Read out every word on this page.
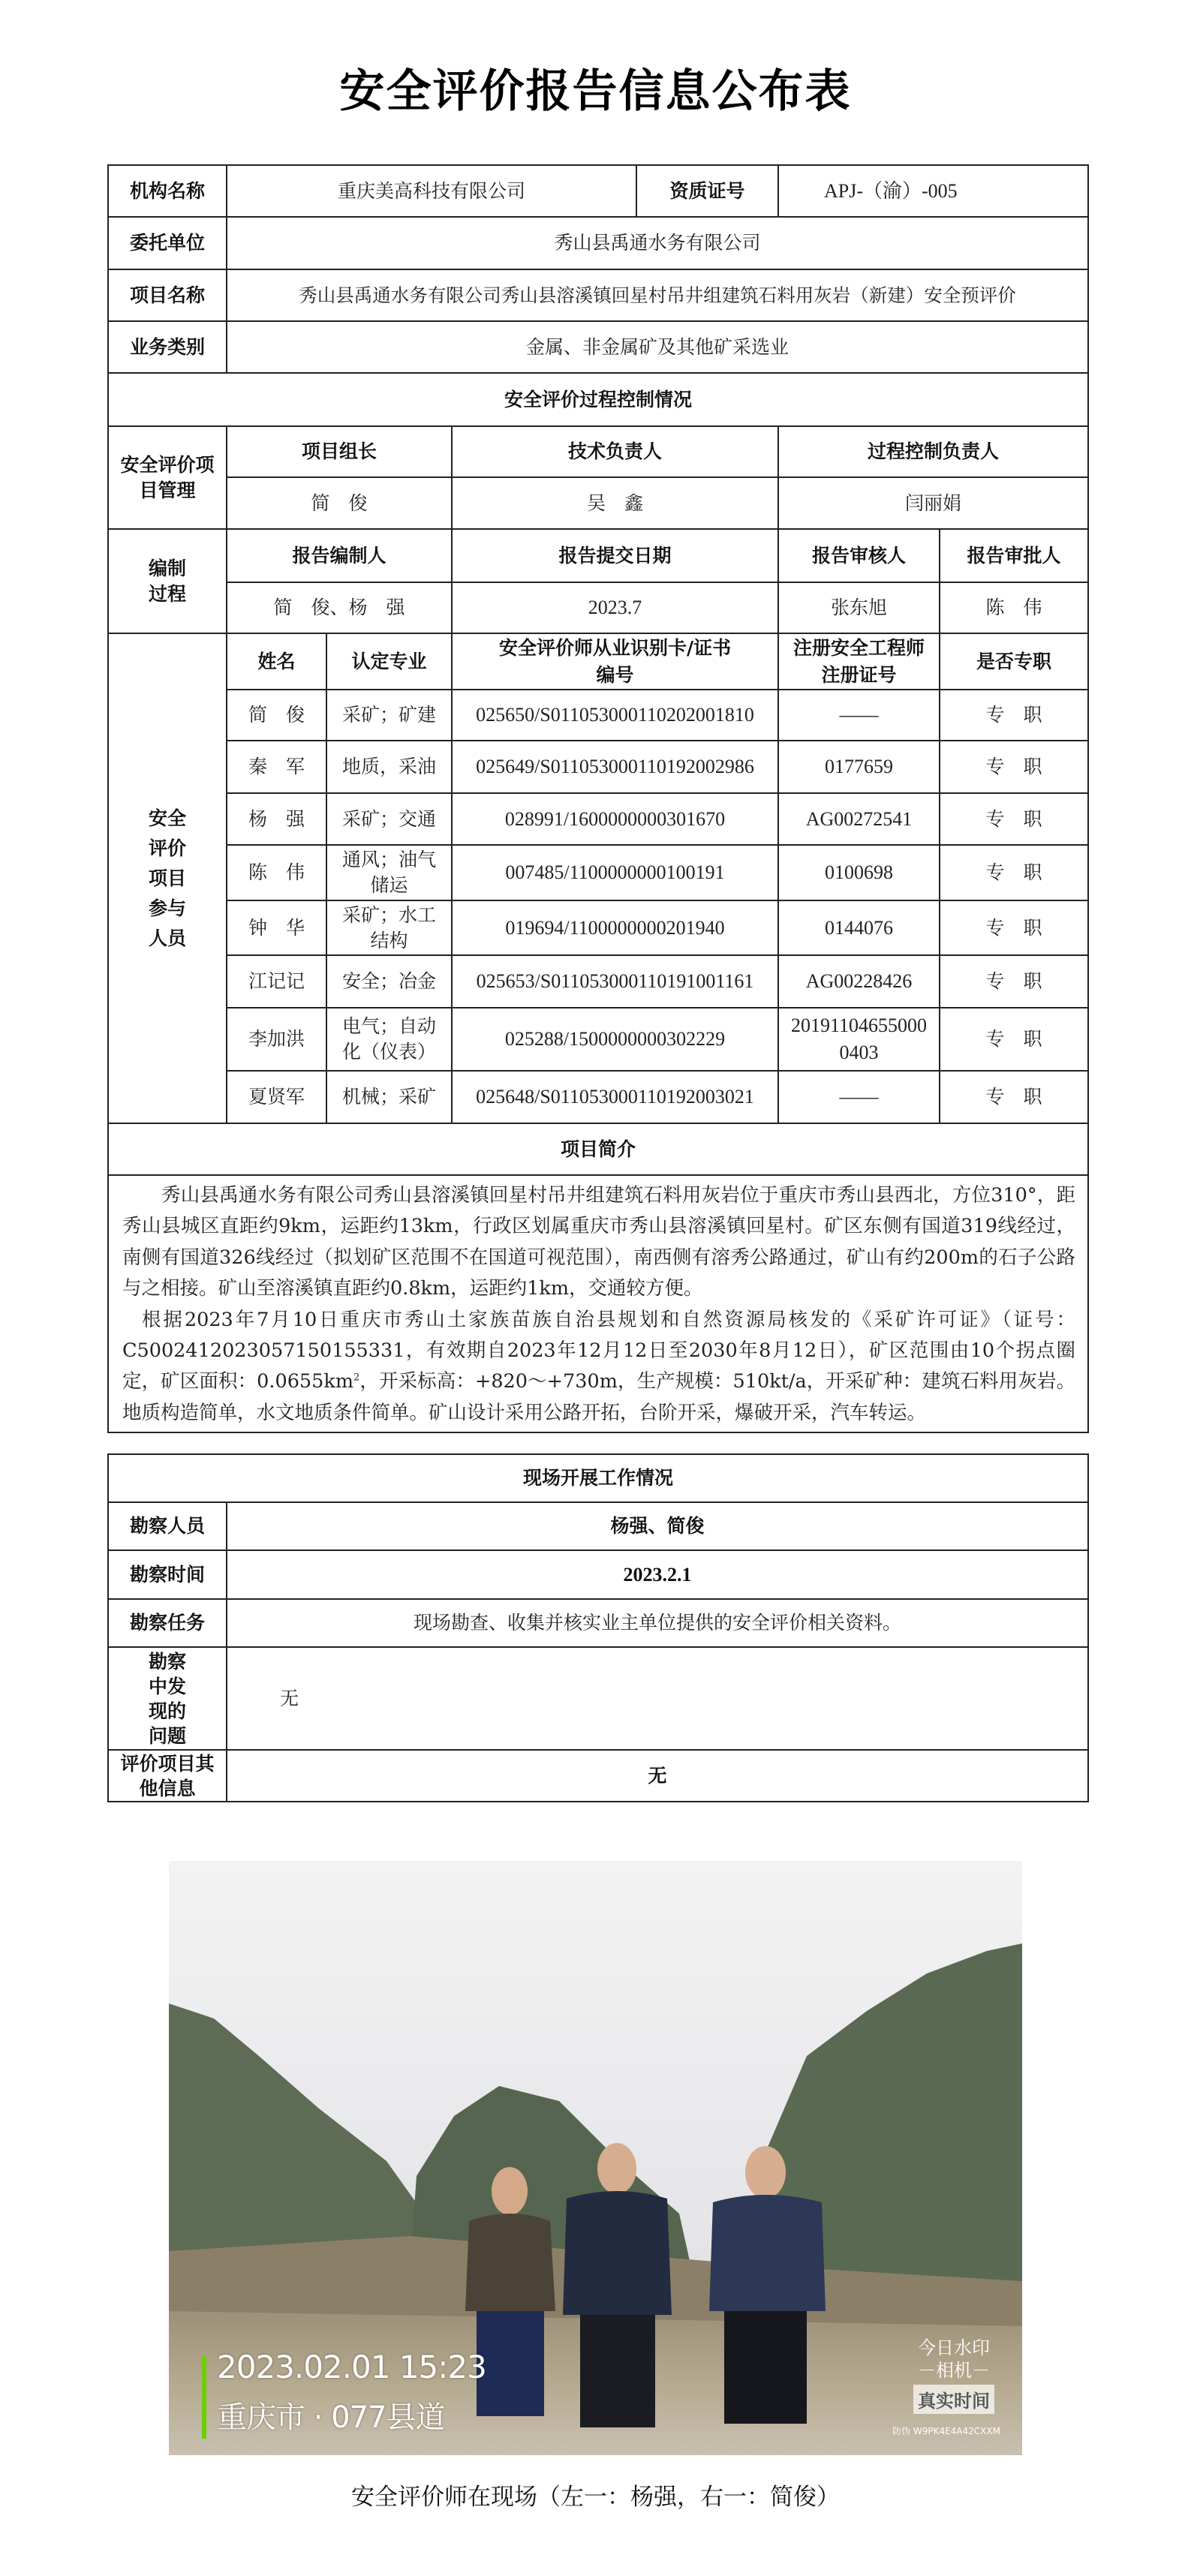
安全评价报告信息公布表
机构名称	重庆美高科技有限公司			资质证号	APJ-（渝）-005	
委托单位	秀山县禹通水务有限公司					
项目名称	秀山县禹通水务有限公司秀山县溶溪镇回星村吊井组建筑石料用灰岩（新建）安全预评价					
业务类别	金属、非金属矿及其他矿采选业					
安全评价过程控制情况						
安全评价项目管理	项目组长		技术负责人		过程控制负责人	
	简　俊		吴　鑫		闫丽娟	
编制过程	报告编制人		报告提交日期		报告审核人	报告审批人
	简　俊、杨　强		2023.7		张东旭	陈　伟
安全评价项目参与人员	姓名	认定专业	安全评价师从业识别卡/证书编号		注册安全工程师注册证号	是否专职
	简　俊	采矿；矿建	025650/S011053000110202001810		——	专　职
	秦　军	地质，采油	025649/S011053000110192002986		0177659	专　职
	杨　强	采矿；交通	028991/1600000000301670		AG00272541	专　职
	陈　伟	通风；油气储运	007485/1100000000100191		0100698	专　职
	钟　华	采矿；水工结构	019694/1100000000201940		0144076	专　职
	江记记	安全；冶金	025653/S011053000110191001161		AG00228426	专　职
	李加洪	电气；自动化（仪表）	025288/1500000000302229		201911046550000403	专　职
	夏贤军	机械；采矿	025648/S011053000110192003021		——	专　职
项目简介						

秀山县禹通水务有限公司秀山县溶溪镇回星村吊井组建筑石料用灰岩位于重庆市秀山县西北，方位310°，距秀山县城区直距约9km，运距约13km，行政区划属重庆市秀山县溶溪镇回星村。矿区东侧有国道319线经过，南侧有国道326线经过（拟划矿区范围不在国道可视范围），南西侧有溶秀公路通过，矿山有约200m的石子公路与之相接。矿山至溶溪镇直距约0.8km，运距约1km，交通较方便。

根据2023年7月10日重庆市秀山土家族苗族自治县规划和自然资源局核发的《采矿许可证》（证号：C5002412023057150155331，有效期自2023年12月12日至2030年8月12日），矿区范围由10个拐点圈定，矿区面积：$0.0655km^2$，开采标高：+820～+730m，生产规模：510kt/a，开采矿种：建筑石料用灰岩。地质构造简单，水文地质条件简单。矿山设计采用公路开拓，台阶开采，爆破开采，汽车转运。						

现场开展工作情况	
勘察人员	杨强、简俊
勘察时间	2023.2.1
勘察任务	现场勘查、收集并核实业主单位提供的安全评价相关资料。
勘察中发现的问题	无
评价项目其他信息	无
2023.02.01 15:23
重庆市 · 077县道
今日水印
－相机－
真实时间
防伪 W9PK4E4A42CXXM
安全评价师在现场（左一：杨强，右一：简俊）
